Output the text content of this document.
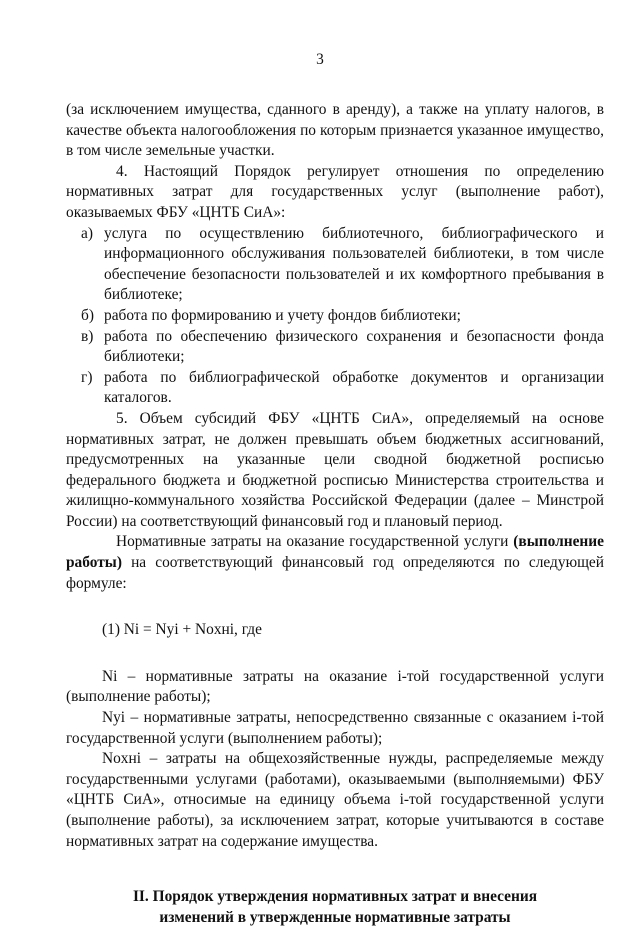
3

(за исключением имущества, сданного в аренду), а также на уплату налогов, в качестве объекта налогообложения по которым признается указанное имущество, в том числе земельные участки.

4. Настоящий Порядок регулирует отношения по определению нормативных затрат для государственных услуг (выполнение работ), оказываемых ФБУ «ЦНТБ СиА»:

а) услуга по осуществлению библиотечного, библиографического и информационного обслуживания пользователей библиотеки, в том числе обеспечение безопасности пользователей и их комфортного пребывания в библиотеке;
б) работа по формированию и учету фондов библиотеки;
в) работа по обеспечению физического сохранения и безопасности фонда библиотеки;
г) работа по библиографической обработке документов и организации каталогов.

5. Объем субсидий ФБУ «ЦНТБ СиА», определяемый на основе нормативных затрат, не должен превышать объем бюджетных ассигнований, предусмотренных на указанные цели сводной бюджетной росписью федерального бюджета и бюджетной росписью Министерства строительства и жилищно-коммунального хозяйства Российской Федерации (далее – Минстрой России) на соответствующий финансовый год и плановый период.

Нормативные затраты на оказание государственной услуги (выполнение работы) на соответствующий финансовый год определяются по следующей формуле:

(1) Ni = Nyi + Noxнi, где

Ni – нормативные затраты на оказание i-той государственной услуги (выполнение работы);

Nyi – нормативные затраты, непосредственно связанные с оказанием i-той государственной услуги (выполнением работы);

Noxнi – затраты на общехозяйственные нужды, распределяемые между государственными услугами (работами), оказываемыми (выполняемыми) ФБУ «ЦНТБ СиА», относимые на единицу объема i-той государственной услуги (выполнение работы), за исключением затрат, которые учитываются в составе нормативных затрат на содержание имущества.

II. Порядок утверждения нормативных затрат и внесения
изменений в утвержденные нормативные затраты
